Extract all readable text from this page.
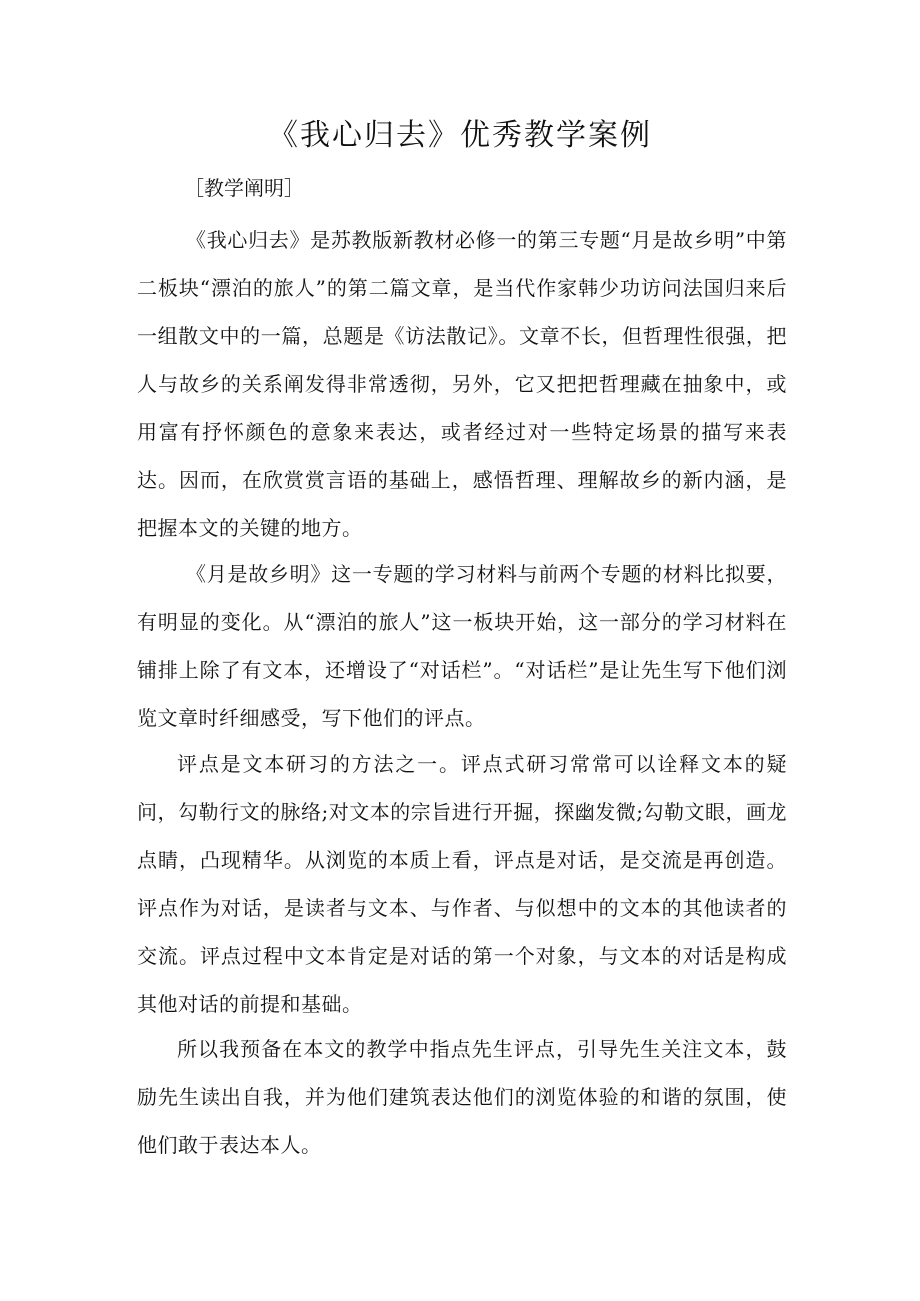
《我心归去》优秀教学案例

［教学阐明］

《我心归去》是苏教版新教材必修一的第三专题“月是故乡明”中第二板块“漂泊的旅人”的第二篇文章，是当代作家韩少功访问法国归来后一组散文中的一篇，总题是《访法散记》。文章不长，但哲理性很强，把人与故乡的关系阐发得非常透彻，另外，它又把把哲理藏在抽象中，或用富有抒怀颜色的意象来表达，或者经过对一些特定场景的描写来表达。因而，在欣赏赏言语的基础上，感悟哲理、理解故乡的新内涵，是把握本文的关键的地方。

《月是故乡明》这一专题的学习材料与前两个专题的材料比拟要，有明显的变化。从“漂泊的旅人”这一板块开始，这一部分的学习材料在铺排上除了有文本，还增设了“对话栏”。“对话栏”是让先生写下他们浏览文章时纤细感受，写下他们的评点。

评点是文本研习的方法之一。评点式研习常常可以诠释文本的疑问，勾勒行文的脉络;对文本的宗旨进行开掘，探幽发微;勾勒文眼，画龙点睛，凸现精华。从浏览的本质上看，评点是对话，是交流是再创造。评点作为对话，是读者与文本、与作者、与似想中的文本的其他读者的交流。评点过程中文本肯定是对话的第一个对象，与文本的对话是构成其他对话的前提和基础。

所以我预备在本文的教学中指点先生评点，引导先生关注文本，鼓励先生读出自我，并为他们建筑表达他们的浏览体验的和谐的氛围，使他们敢于表达本人。
